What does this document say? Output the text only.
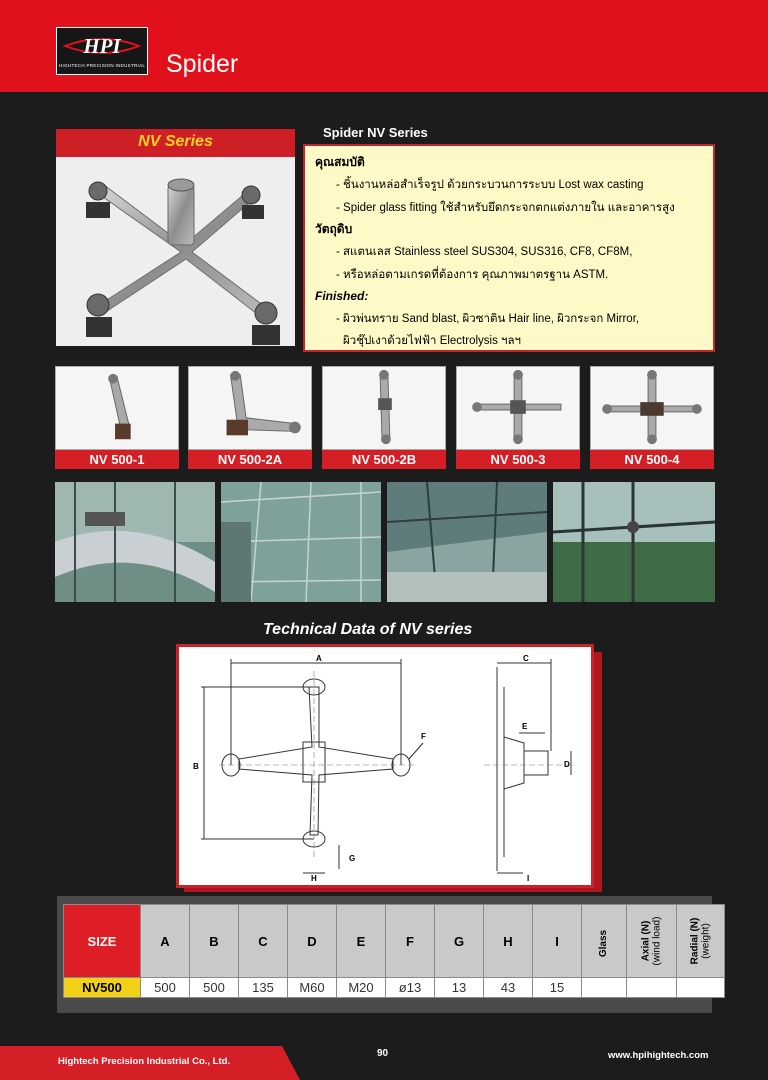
HPI
HIGHTECH PRECISION INDUSTRIAL Spider
NV Series
Spider NV Series
คุณสมบัติ
- ชิ้นงานหล่อสำเร็จรูป ด้วยกระบวนการระบบ Lost wax casting
- Spider glass fitting ใช้สำหรับยึดกระจกตกแต่งภายใน และอาคารสูง
วัตถุดิบ
- สแตนเลส Stainless steel SUS304, SUS316, CF8, CF8M,
- หรือหล่อตามเกรดที่ต้องการ คุณภาพมาตรฐาน ASTM.
Finished:
- ผิวพ่นทราย Sand blast, ผิวซาติน Hair line, ผิวกระจก Mirror,
ผิวชุ๊ปเงาด้วยไฟฟ้า Electrolysis ฯลฯ
NV 500-1	NV 500-2A	NV 500-2B	NV 500-3	NV 500-4
Technical Data of NV series
A
B
C
D
E
F
G
H	I
SIZE	A	B	C	D	E	F	G	H	I	Glass	Axial (N)
(wind load)	Radial (N)
(weight)
NV500	500	500	135	M60	M20	ø13	13	43	15			
Hightech Precision Industrial Co., Ltd.
90	www.hpihightech.com
